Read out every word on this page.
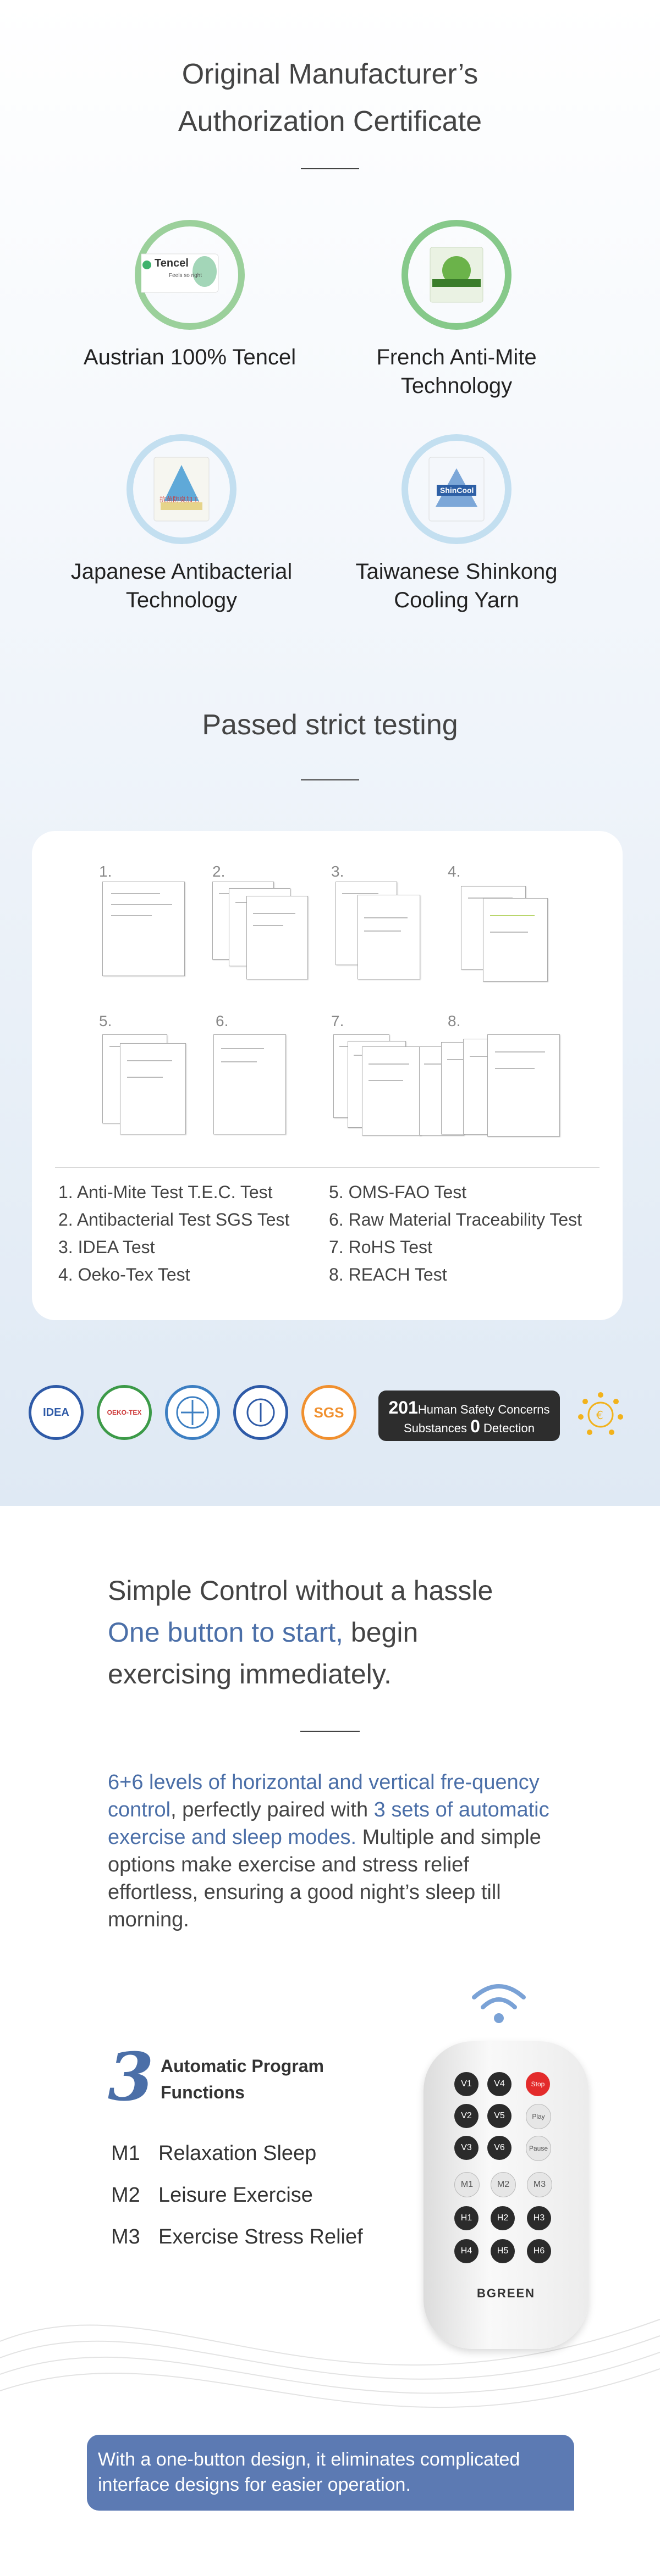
Original Manufacturer’s
Authorization Certificate
Tencel
Feels so right
Austrian 100% Tencel	French Anti-Mite Technology
抗菌防臭加工
Japanese Antibacterial Technology
ShinCool
Taiwanese Shinkong Cooling Yarn
Passed strict testing
1.	2.	3.	4.
5.	6.	7.	8.
1. Anti-Mite Test T.E.C. Test
2. Antibacterial Test SGS Test
3. IDEA Test
4. Oeko-Tex Test
5. OMS-FAO Test
6. Raw Material Traceability Test
7. RoHS Test
8. REACH Test
IDEA	OEKO-TEX	SGS	201Human Safety Concerns
Substances 0 Detection
€
Simple Control without a hassle
One button to start, begin
exercising immediately.
6+6 levels of horizontal and vertical fre-quency control, perfectly paired with 3 sets of automatic exercise and sleep modes. Multiple and simple options make exercise and stress relief effortless, ensuring a good night’s sleep till morning.
3 Automatic Program Functions
M1 Relaxation Sleep
M2 Leisure Exercise
M3 Exercise Stress Relief
V1	V4	Stop
V2	V5	Play
V3	V6	Pause
M1	M2	M3
H1	H2	H3
H4	H5	H6
BGREEN
With a one-button design, it eliminates complicated interface designs for easier operation.
